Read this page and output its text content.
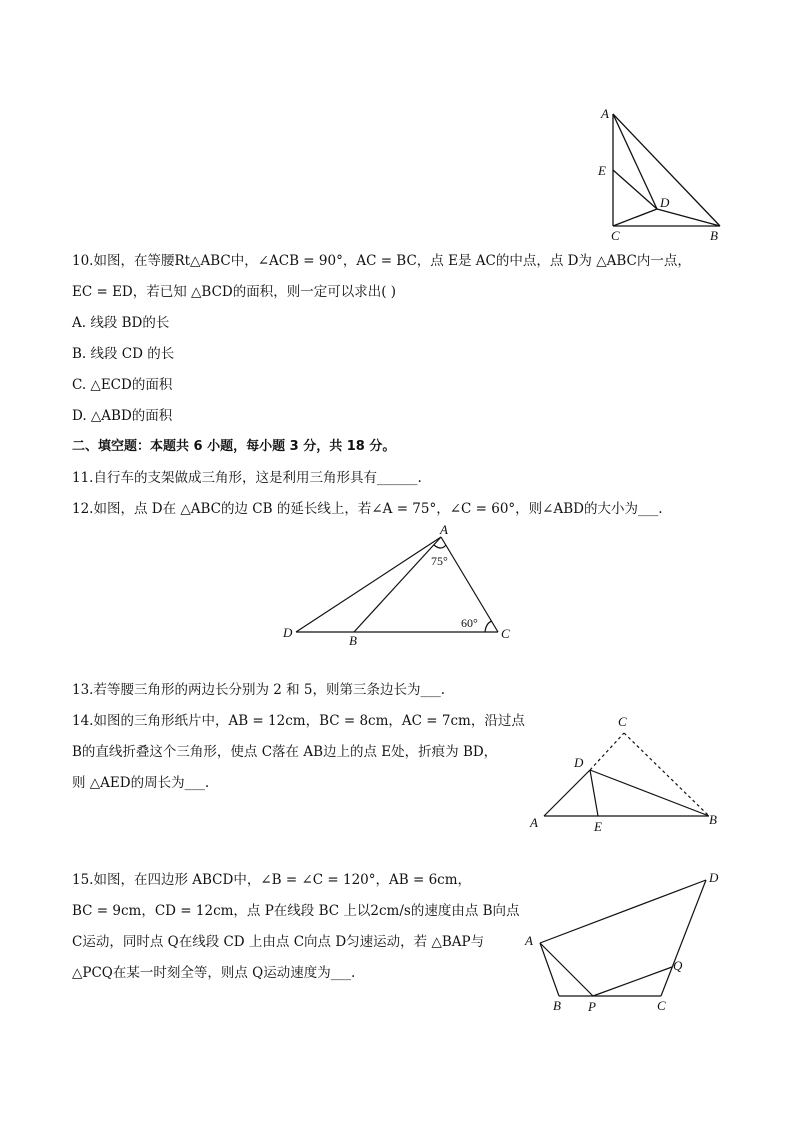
A
E
D
C	B
10.如图，在等腰Rt△ABC中，∠ACB = 90°，AC = BC，点 E是 AC的中点，点 D为 △ABC内一点，
EC = ED，若已知 △BCD的面积，则一定可以求出( )
A. 线段 BD的长
B. 线段 CD 的长
C. △ECD的面积
D. △ABD的面积
二、填空题：本题共 6 小题，每小题 3 分，共 18 分。
11.自行车的支架做成三角形，这是利用三角形具有______.
12.如图，点 D在 △ABC的边 CB 的延长线上，若∠A = 75°，∠C = 60°，则∠ABD的大小为___.
A
D
B	C
75°
60°
13.若等腰三角形的两边长分别为 2 和 5，则第三条边长为___.
14.如图的三角形纸片中，AB = 12cm，BC = 8cm，AC = 7cm，沿过点
B的直线折叠这个三角形，使点 C落在 AB边上的点 E处，折痕为 BD，
则 △AED的周长为___.
C
D
A	E	B
15.如图，在四边形 ABCD中，∠B = ∠C = 120°，AB = 6cm，
BC = 9cm，CD = 12cm，点 P在线段 BC 上以2cm/s的速度由点 B向点
C运动，同时点 Q在线段 CD 上由点 C向点 D匀速运动，若 △BAP与
△PCQ在某一时刻全等，则点 Q运动速度为___.
D
A
Q
B P	C
